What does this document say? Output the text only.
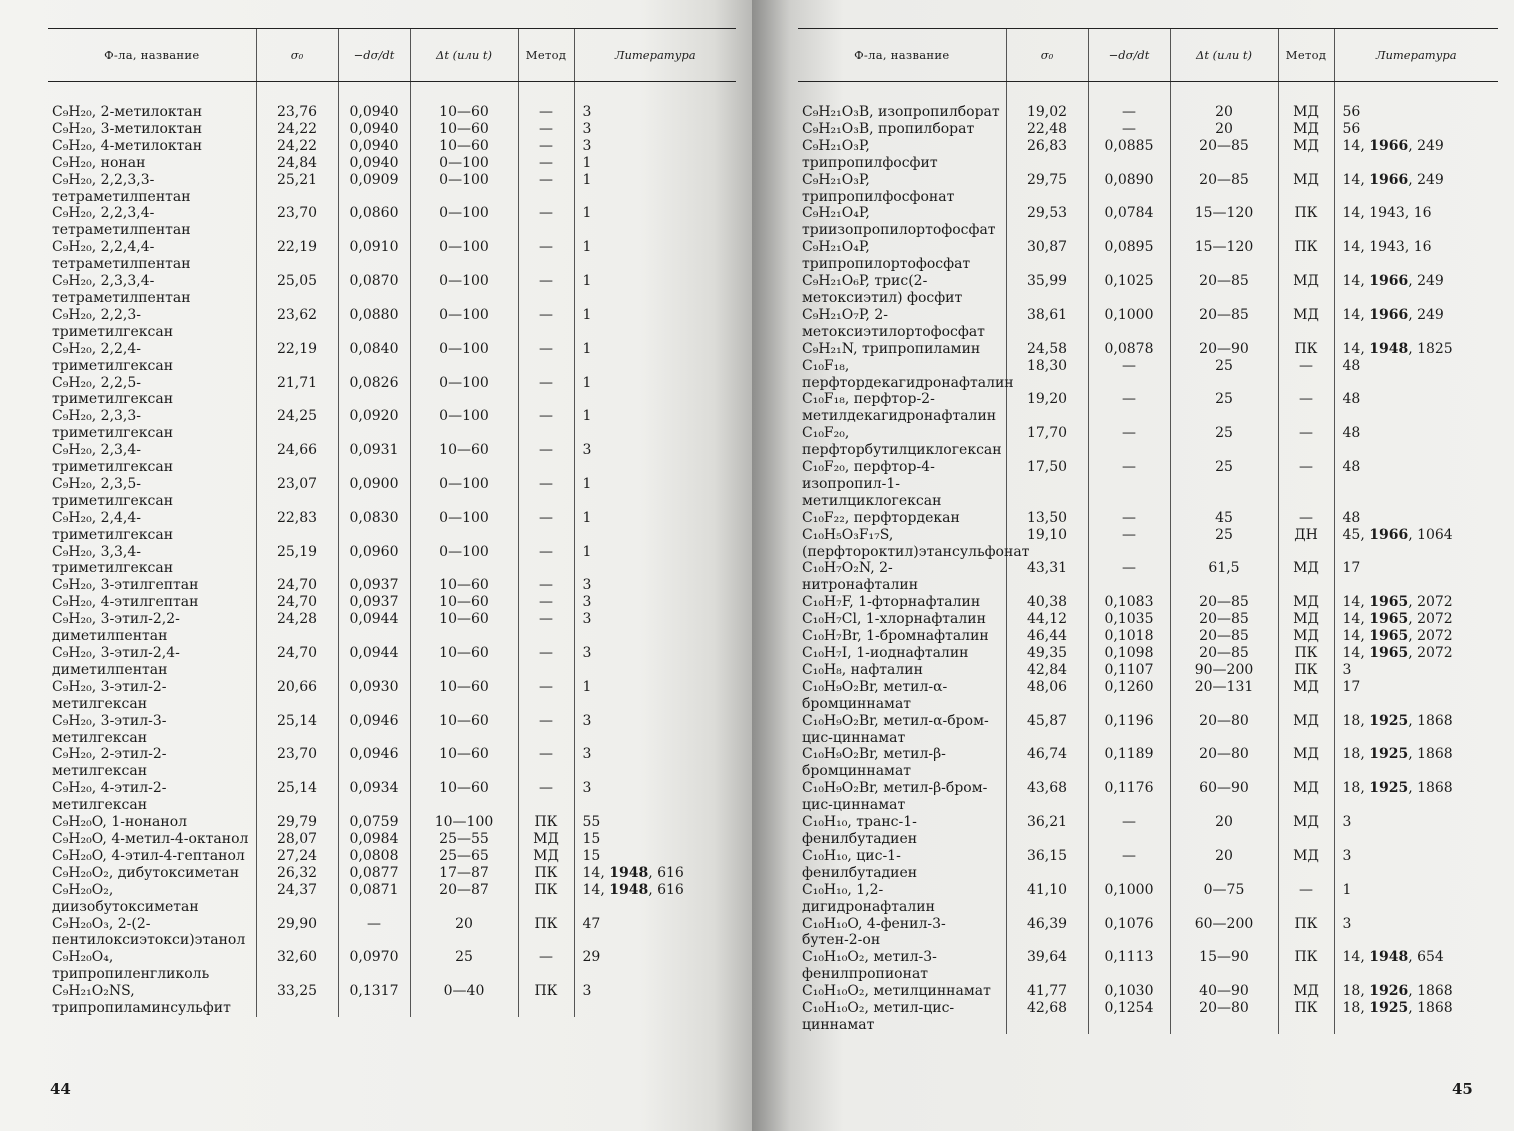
Ф-ла, название	σ₀	−dσ/dt	Δt (или t)	Метод	Литература
C₉H₂₀, 2-метилоктан	23,76	0,0940	10—60	—	3
C₉H₂₀, 3-метилоктан	24,22	0,0940	10—60	—	3
C₉H₂₀, 4-метилоктан	24,22	0,0940	10—60	—	3
C₉H₂₀, нонан	24,84	0,0940	0—100	—	1
C₉H₂₀, 2,2,3,3-тетраметилпентан	25,21	0,0909	0—100	—	1
C₉H₂₀, 2,2,3,4-тетраметилпентан	23,70	0,0860	0—100	—	1
C₉H₂₀, 2,2,4,4-тетраметилпентан	22,19	0,0910	0—100	—	1
C₉H₂₀, 2,3,3,4-тетраметилпентан	25,05	0,0870	0—100	—	1
C₉H₂₀, 2,2,3-триметилгексан	23,62	0,0880	0—100	—	1
C₉H₂₀, 2,2,4-триметилгексан	22,19	0,0840	0—100	—	1
C₉H₂₀, 2,2,5-триметилгексан	21,71	0,0826	0—100	—	1
C₉H₂₀, 2,3,3-триметилгексан	24,25	0,0920	0—100	—	1
C₉H₂₀, 2,3,4-триметилгексан	24,66	0,0931	10—60	—	3
C₉H₂₀, 2,3,5-триметилгексан	23,07	0,0900	0—100	—	1
C₉H₂₀, 2,4,4-триметилгексан	22,83	0,0830	0—100	—	1
C₉H₂₀, 3,3,4-триметилгексан	25,19	0,0960	0—100	—	1
C₉H₂₀, 3-этилгептан	24,70	0,0937	10—60	—	3
C₉H₂₀, 4-этилгептан	24,70	0,0937	10—60	—	3
C₉H₂₀, 3-этил-2,2-диметилпентан	24,28	0,0944	10—60	—	3
C₉H₂₀, 3-этил-2,4-диметилпентан	24,70	0,0944	10—60	—	3
C₉H₂₀, 3-этил-2-метилгексан	20,66	0,0930	10—60	—	1
C₉H₂₀, 3-этил-3-метилгексан	25,14	0,0946	10—60	—	3
C₉H₂₀, 2-этил-2-метилгексан	23,70	0,0946	10—60	—	3
C₉H₂₀, 4-этил-2-метилгексан	25,14	0,0934	10—60	—	3
C₉H₂₀O, 1-нонанол	29,79	0,0759	10—100	ПК	55
C₉H₂₀O, 4-метил-4-октанол	28,07	0,0984	25—55	МД	15
C₉H₂₀O, 4-этил-4-гептанол	27,24	0,0808	25—65	МД	15
C₉H₂₀O₂, дибутоксиметан	26,32	0,0877	17—87	ПК	14, 1948, 616
C₉H₂₀O₂, диизобутоксиметан	24,37	0,0871	20—87	ПК	14, 1948, 616
C₉H₂₀O₃, 2-(2-пентилоксиэтокси)этанол	29,90	—	20	ПК	47
C₉H₂₀O₄, трипропиленгликоль	32,60	0,0970	25	—	29
C₉H₂₁O₂NS, трипропиламинсульфит	33,25	0,1317	0—40	ПК	3
44
Ф-ла, название	σ₀	−dσ/dt	Δt (или t)	Метод	Литература
C₉H₂₁O₃B, изопропилборат	19,02	—	20	МД	56
C₉H₂₁O₃B, пропилборат	22,48	—	20	МД	56
C₉H₂₁O₃P, трипропилфосфит	26,83	0,0885	20—85	МД	14, 1966, 249
C₉H₂₁O₃P, трипропилфосфонат	29,75	0,0890	20—85	МД	14, 1966, 249
C₉H₂₁O₄P, триизопропилортофосфат	29,53	0,0784	15—120	ПК	14, 1943, 16
C₉H₂₁O₄P, трипропилортофосфат	30,87	0,0895	15—120	ПК	14, 1943, 16
C₉H₂₁O₆P, трис(2-метоксиэтил) фосфит	35,99	0,1025	20—85	МД	14, 1966, 249
C₉H₂₁O₇P, 2-метоксиэтилортофосфат	38,61	0,1000	20—85	МД	14, 1966, 249
C₉H₂₁N, трипропиламин	24,58	0,0878	20—90	ПК	14, 1948, 1825
C₁₀F₁₈, перфтордекагидронафталин	18,30	—	25	—	48
C₁₀F₁₈, перфтор-2-метилдекагидронафталин	19,20	—	25	—	48
C₁₀F₂₀, перфторбутилциклогексан	17,70	—	25	—	48
C₁₀F₂₀, перфтор-4-изопропил-1-метилциклогексан	17,50	—	25	—	48
C₁₀F₂₂, перфтордекан	13,50	—	45	—	48
C₁₀H₅O₃F₁₇S, (перфтороктил)этансульфонат	19,10	—	25	ДН	45, 1966, 1064
C₁₀H₇O₂N, 2-нитронафталин	43,31	—	61,5	МД	17
C₁₀H₇F, 1-фторнафталин	40,38	0,1083	20—85	МД	14, 1965, 2072
C₁₀H₇Cl, 1-хлорнафталин	44,12	0,1035	20—85	МД	14, 1965, 2072
C₁₀H₇Br, 1-бромнафталин	46,44	0,1018	20—85	МД	14, 1965, 2072
C₁₀H₇I, 1-иоднафталин	49,35	0,1098	20—85	ПК	14, 1965, 2072
C₁₀H₈, нафталин	42,84	0,1107	90—200	ПК	3
C₁₀H₉O₂Br, метил-α-бромциннамат	48,06	0,1260	20—131	МД	17
C₁₀H₉O₂Br, метил-α-бром-цис-циннамат	45,87	0,1196	20—80	МД	18, 1925, 1868
C₁₀H₉O₂Br, метил-β-бромциннамат	46,74	0,1189	20—80	МД	18, 1925, 1868
C₁₀H₉O₂Br, метил-β-бром-цис-циннамат	43,68	0,1176	60—90	МД	18, 1925, 1868
C₁₀H₁₀, транс-1-фенилбутадиен	36,21	—	20	МД	3
C₁₀H₁₀, цис-1-фенилбутадиен	36,15	—	20	МД	3
C₁₀H₁₀, 1,2-дигидронафталин	41,10	0,1000	0—75	—	1
C₁₀H₁₀O, 4-фенил-3-бутен-2-он	46,39	0,1076	60—200	ПК	3
C₁₀H₁₀O₂, метил-3-фенилпропионат	39,64	0,1113	15—90	ПК	14, 1948, 654
C₁₀H₁₀O₂, метилциннамат	41,77	0,1030	40—90	МД	18, 1926, 1868
C₁₀H₁₀O₂, метил-цис-циннамат	42,68	0,1254	20—80	ПК	18, 1925, 1868
45
